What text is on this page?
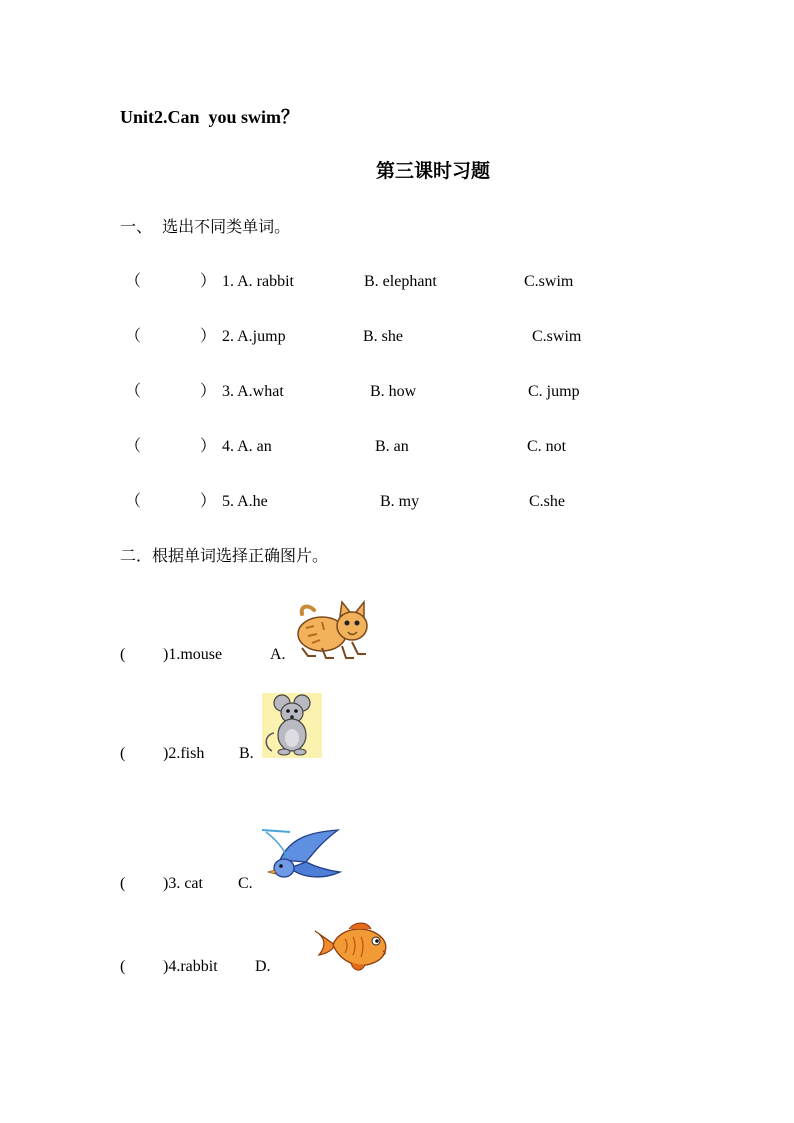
Unit2.Can  you swim？
第三课时习题
一、  选出不同类单词。
（	） 1. A. rabbit	B. elephant	C.swim
（	） 2. A.jump	B. she	C.swim
（	） 3. A.what	B. how	C. jump
（	） 4. A. an	B. an	C. not
（	） 5. A.he	B. my	C.she
二．根据单词选择正确图片。
( )1.mouse	A.
( )2.fish B.
( )3. cat C.
( )4.rabbit D.
